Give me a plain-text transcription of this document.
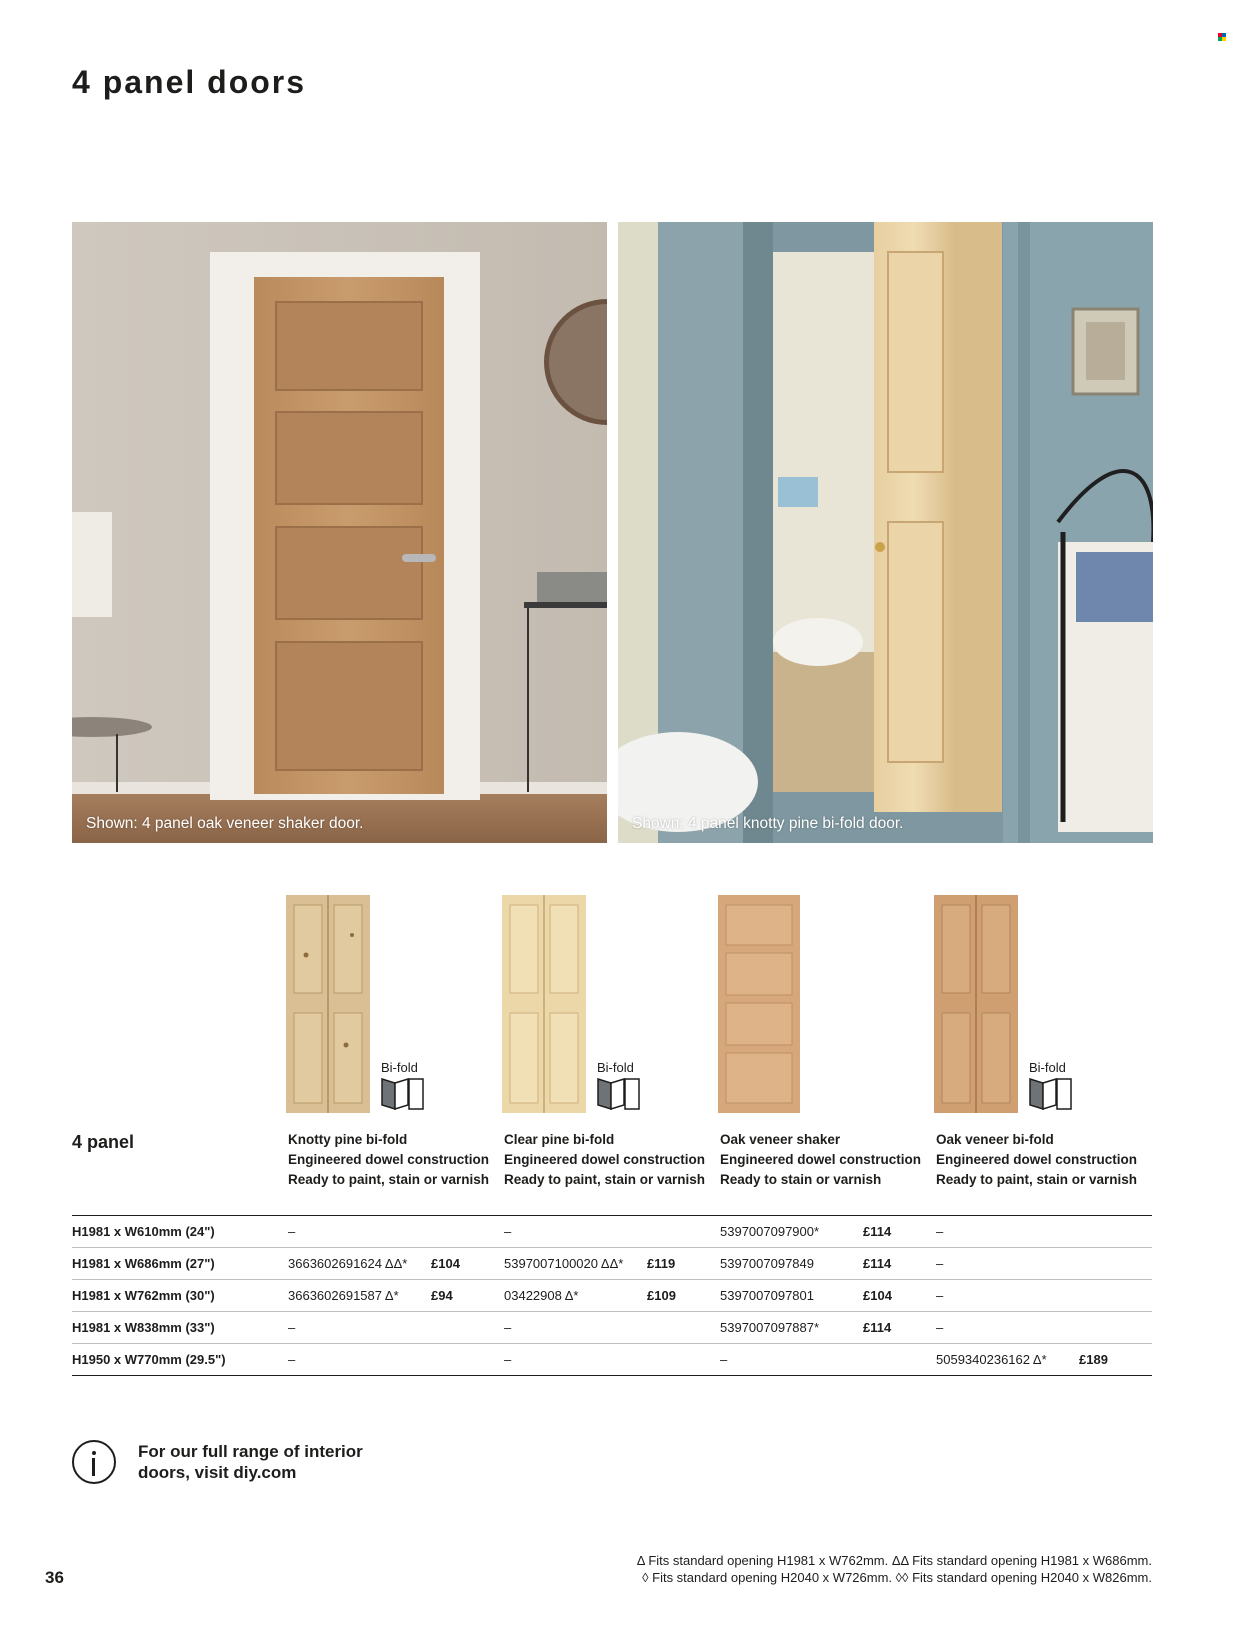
4 panel doors
Shown: 4 panel oak veneer shaker door.	Shown: 4 panel knotty pine bi-fold door.
Bi-fold	Bi-fold	Bi-fold
4 panel	Knotty pine bi-fold
Engineered dowel construction
Ready to paint, stain or varnish
Clear pine bi-fold
Engineered dowel construction
Ready to paint, stain or varnish
Oak veneer shaker
Engineered dowel construction
Ready to stain or varnish
Oak veneer bi-fold
Engineered dowel construction
Ready to paint, stain or varnish
H1981 x W610mm (24")	–		–		5397007097900*	£114	–	
H1981 x W686mm (27")	3663602691624 ΔΔ*	£104	5397007100020 ΔΔ*	£119	5397007097849	£114	–	
H1981 x W762mm (30")	3663602691587 Δ*	£94	03422908 Δ*	£109	5397007097801	£104	–	
H1981 x W838mm (33")	–		–		5397007097887*	£114	–	
H1950 x W770mm (29.5")	–		–		–		5059340236162 Δ*	£189
For our full range of interior
doors, visit diy.com
36
Δ Fits standard opening H1981 x W762mm. ΔΔ Fits standard opening H1981 x W686mm.
◊ Fits standard opening H2040 x W726mm. ◊◊ Fits standard opening H2040 x W826mm.
